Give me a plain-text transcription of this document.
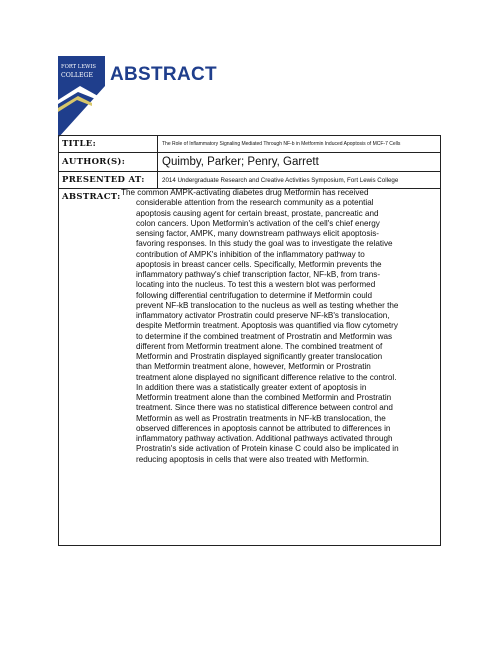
FORT LEWIS
COLLEGE ABSTRACT
TITLE:	The Role of Inflammatory Signaling Mediated Through NF-b in Metformin Induced Apoptosis of MCF-7 Cells
AUTHOR(S):	Quimby, Parker; Penry, Garrett
PRESENTED AT:	2014 Undergraduate Research and Creative Activities Symposium, Fort Lewis College
ABSTRACT: The common AMPK-activating diabetes drug Metformin has received
considerable attention from the research community as a potential
apoptosis causing agent for certain breast, prostate, pancreatic and
colon cancers. Upon Metformin's activation of the cell's chief energy
sensing factor, AMPK, many downstream pathways elicit apoptosis-
favoring responses. In this study the goal was to investigate the relative
contribution of AMPK's inhibition of the inflammatory pathway to
apoptosis in breast cancer cells. Specifically, Metformin prevents the
inflammatory pathway's chief transcription factor, NF-kB, from trans-
locating into the nucleus. To test this a western blot was performed
following differential centrifugation to determine if Metformin could
prevent NF-kB translocation to the nucleus as well as testing whether the
inflammatory activator Prostratin could preserve NF-kB's translocation,
despite Metformin treatment. Apoptosis was quantified via flow cytometry
to determine if the combined treatment of Prostratin and Metformin was
different from Metformin treatment alone. The combined treatment of
Metformin and Prostratin displayed significantly greater translocation
than Metformin treatment alone, however, Metformin or Prostratin
treatment alone displayed no significant difference relative to the control.
In addition there was a statistically greater extent of apoptosis in
Metformin treatment alone than the combined Metformin and Prostratin
treatment. Since there was no statistical difference between control and
Metformin as well as Prostratin treatments in NF-kB translocation, the
observed differences in apoptosis cannot be attributed to differences in
inflammatory pathway activation. Additional pathways activated through
Prostratin's side activation of Protein kinase C could also be implicated in
reducing apoptosis in cells that were also treated with Metformin.
